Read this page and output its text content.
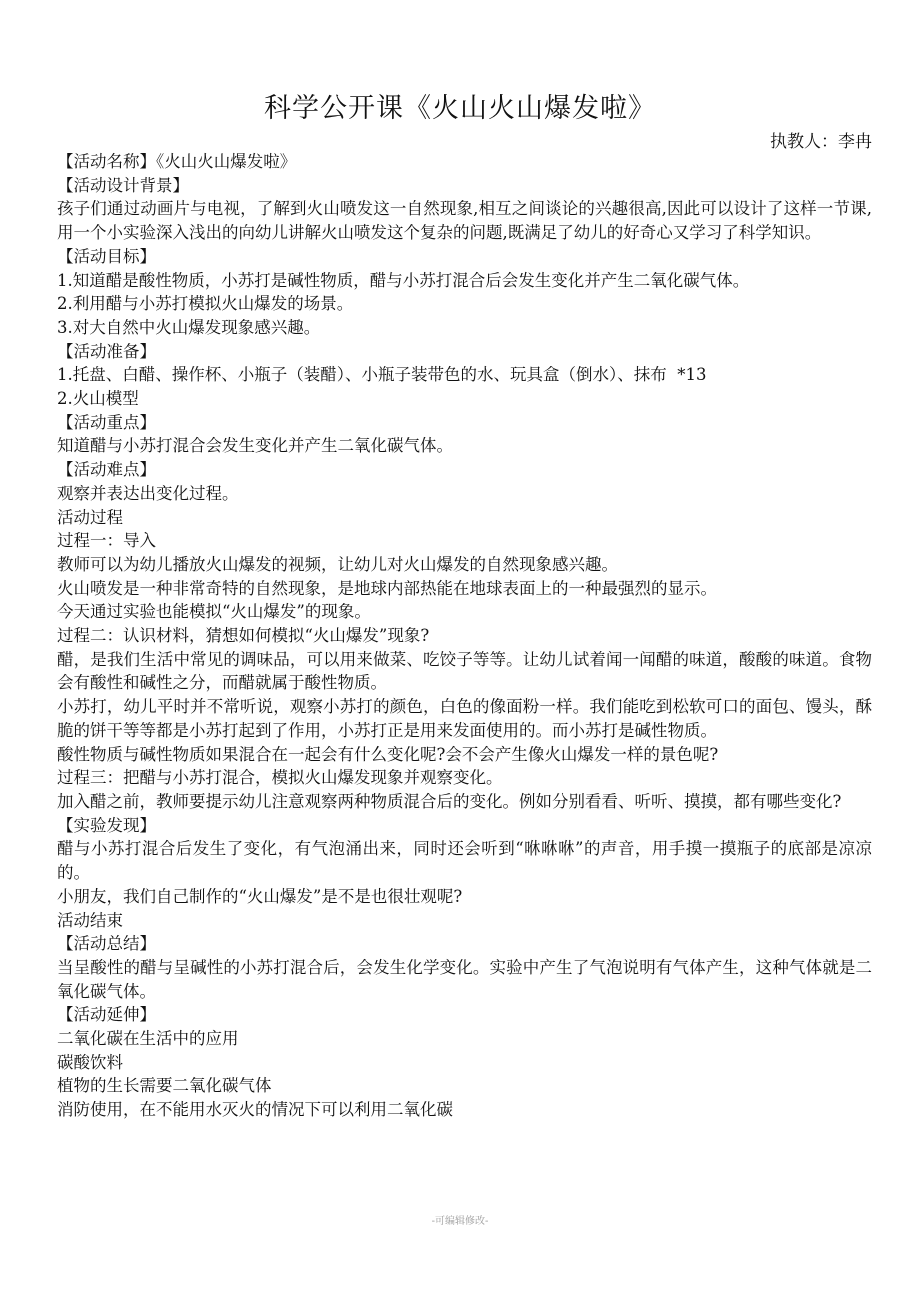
科学公开课《火山火山爆发啦》
执教人：李冉
【活动名称】《火山火山爆发啦》
【活动设计背景】
孩子们通过动画片与电视，了解到火山喷发这一自然现象,相互之间谈论的兴趣很高,因此可以设计了这样一节课,用一个小实验深入浅出的向幼儿讲解火山喷发这个复杂的问题,既满足了幼儿的好奇心又学习了科学知识。
【活动目标】
1.知道醋是酸性物质，小苏打是碱性物质，醋与小苏打混合后会发生变化并产生二氧化碳气体。
2.利用醋与小苏打模拟火山爆发的场景。
3.对大自然中火山爆发现象感兴趣。
【活动准备】
1.托盘、白醋、操作杯、小瓶子（装醋）、小瓶子装带色的水、玩具盒（倒水）、抹布  *13
2.火山模型
【活动重点】
知道醋与小苏打混合会发生变化并产生二氧化碳气体。
【活动难点】
观察并表达出变化过程。
活动过程
过程一：导入
教师可以为幼儿播放火山爆发的视频，让幼儿对火山爆发的自然现象感兴趣。
火山喷发是一种非常奇特的自然现象，是地球内部热能在地球表面上的一种最强烈的显示。
今天通过实验也能模拟“火山爆发”的现象。
过程二：认识材料，猜想如何模拟“火山爆发”现象?
醋，是我们生活中常见的调味品，可以用来做菜、吃饺子等等。让幼儿试着闻一闻醋的味道，酸酸的味道。食物会有酸性和碱性之分，而醋就属于酸性物质。
小苏打，幼儿平时并不常听说，观察小苏打的颜色，白色的像面粉一样。我们能吃到松软可口的面包、馒头，酥脆的饼干等等都是小苏打起到了作用，小苏打正是用来发面使用的。而小苏打是碱性物质。
酸性物质与碱性物质如果混合在一起会有什么变化呢?会不会产生像火山爆发一样的景色呢?
过程三：把醋与小苏打混合，模拟火山爆发现象并观察变化。
加入醋之前，教师要提示幼儿注意观察两种物质混合后的变化。例如分别看看、听听、摸摸，都有哪些变化?
【实验发现】
醋与小苏打混合后发生了变化，有气泡涌出来，同时还会听到“咻咻咻”的声音，用手摸一摸瓶子的底部是凉凉的。
小朋友，我们自己制作的“火山爆发”是不是也很壮观呢?
活动结束
【活动总结】
当呈酸性的醋与呈碱性的小苏打混合后，会发生化学变化。实验中产生了气泡说明有气体产生，这种气体就是二氧化碳气体。
【活动延伸】
二氧化碳在生活中的应用
碳酸饮料
植物的生长需要二氧化碳气体
消防使用，在不能用水灭火的情况下可以利用二氧化碳
-可编辑修改-
